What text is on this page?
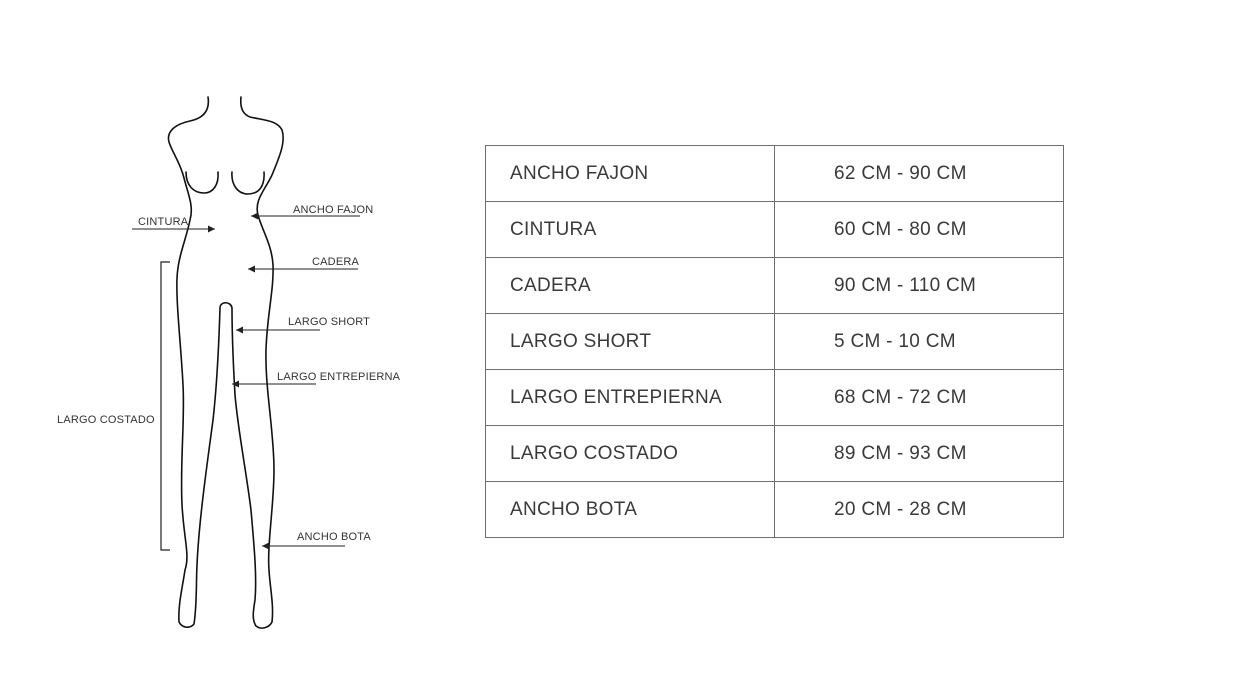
CINTURA
ANCHO FAJON
CADERA
LARGO SHORT
LARGO ENTREPIERNA
LARGO COSTADO
ANCHO BOTA
ANCHO FAJON	62 CM - 90 CM
CINTURA	60 CM - 80 CM
CADERA	90 CM - 110 CM
LARGO SHORT	5 CM - 10 CM
LARGO ENTREPIERNA	68 CM - 72 CM
LARGO COSTADO	89 CM - 93 CM
ANCHO BOTA	20 CM - 28 CM
